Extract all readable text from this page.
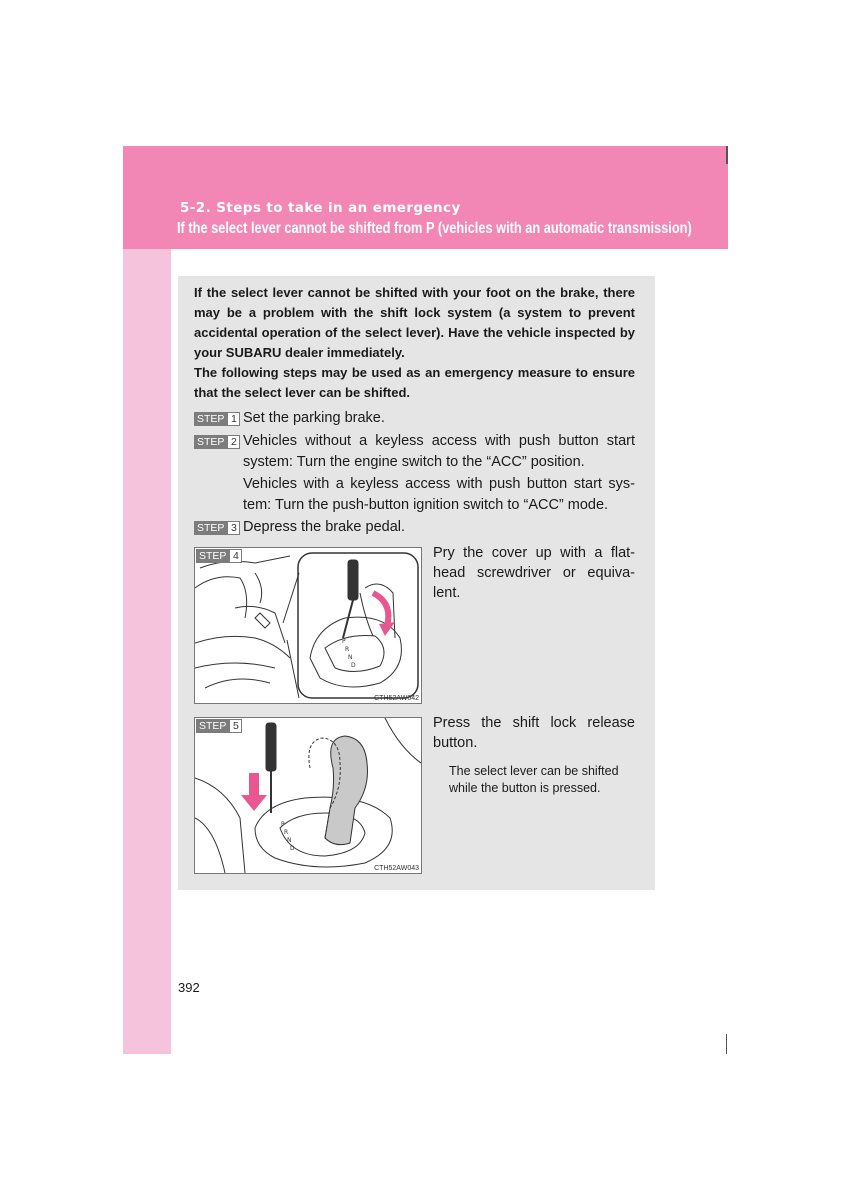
5-2. Steps to take in an emergency
If the select lever cannot be shifted from P (vehicles with an automatic transmission)

If the select lever cannot be shifted with your foot on the brake, there may be a problem with the shift lock system (a system to prevent accidental operation of the select lever). Have the vehicle inspected by your SUBARU dealer immediately.

The following steps may be used as an emergency measure to ensure that the select lever can be shifted.

STEP 1 Set the parking brake.

STEP 2 Vehicles without a keyless access with push button start system: Turn the engine switch to the “ACC” position.

Vehicles with a keyless access with push button start sys-tem: Turn the push-button ignition switch to “ACC” mode.

STEP 3 Depress the brake pedal.

P
R
N
D
STEP 4
CTH52AW042
Pry the cover up with a flat-head screwdriver or equiva-lent.
P
R
N
D
STEP 5
CTH52AW043
Press the shift lock release button.
The select lever can be shifted while the button is pressed.
392
